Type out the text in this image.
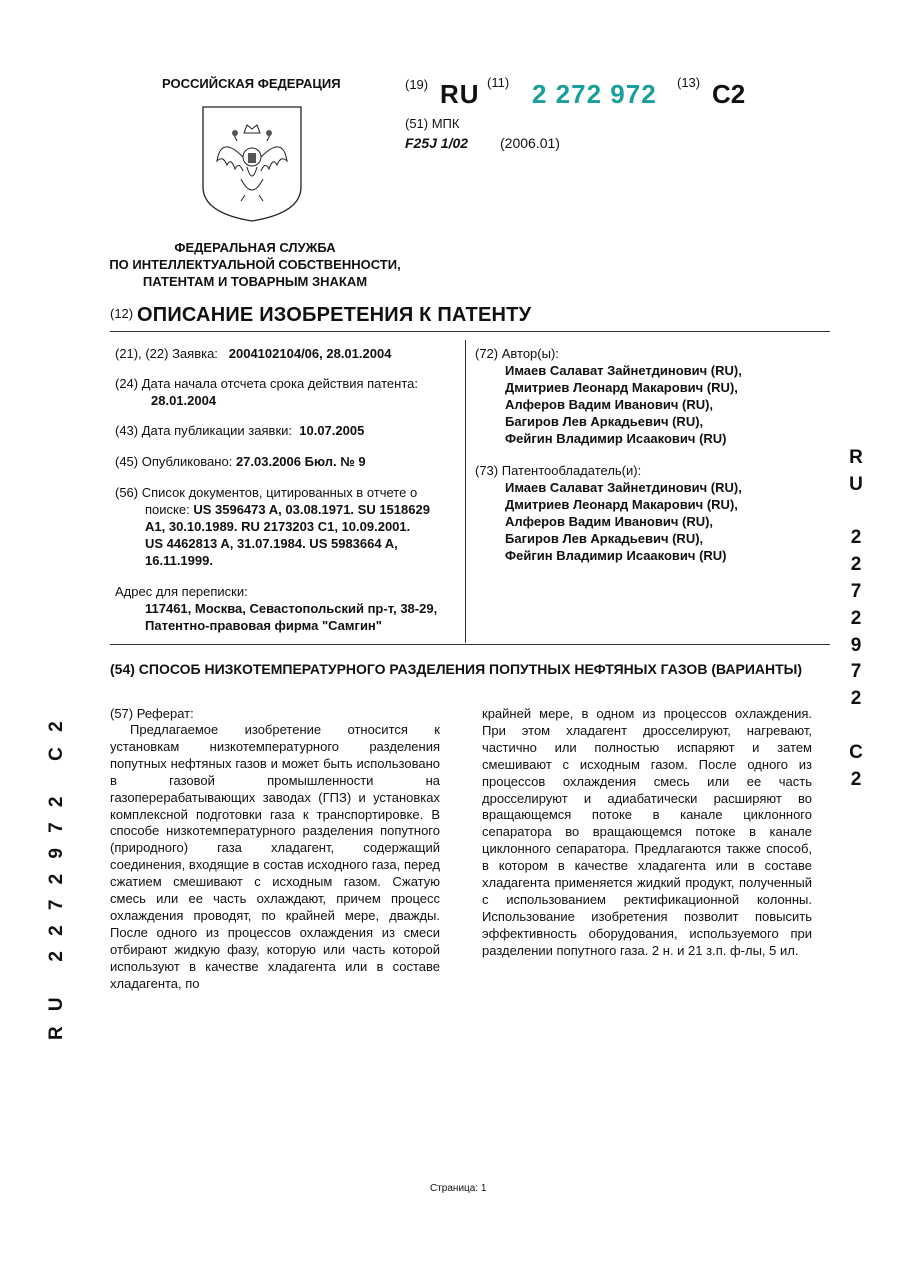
РОССИЙСКАЯ ФЕДЕРАЦИЯ
ФЕДЕРАЛЬНАЯ СЛУЖБА
ПО ИНТЕЛЛЕКТУАЛЬНОЙ СОБСТВЕННОСТИ,
ПАТЕНТАМ И ТОВАРНЫМ ЗНАКАМ
(19) RU (11) 2 272 972 (13) C2
(51) МПК
F25J 1/02 (2006.01)
(12) ОПИСАНИЕ ИЗОБРЕТЕНИЯ К ПАТЕНТУ
(21), (22) Заявка: 2004102104/06, 28.01.2004
(24) Дата начала отсчета срока действия патента:
28.01.2004
(43) Дата публикации заявки: 10.07.2005
(45) Опубликовано: 27.03.2006 Бюл. № 9
(56) Список документов, цитированных в отчете о
поиске: US 3596473 A, 03.08.1971. SU 1518629
A1, 30.10.1989. RU 2173203 C1, 10.09.2001.
US 4462813 A, 31.07.1984. US 5983664 A,
16.11.1999.
Адрес для переписки:
117461, Москва, Севастопольский пр-т, 38-29,
Патентно-правовая фирма "Самгин"
(72) Автор(ы):
Имаев Салават Зайнетдинович (RU),
Дмитриев Леонард Макарович (RU),
Алферов Вадим Иванович (RU),
Багиров Лев Аркадьевич (RU),
Фейгин Владимир Исаакович (RU)
(73) Патентообладатель(и):
Имаев Салават Зайнетдинович (RU),
Дмитриев Леонард Макарович (RU),
Алферов Вадим Иванович (RU),
Багиров Лев Аркадьевич (RU),
Фейгин Владимир Исаакович (RU)
R
U
2
2
7
2
9
7
2
C
2
RU 2272972 C2
(54) СПОСОБ НИЗКОТЕМПЕРАТУРНОГО РАЗДЕЛЕНИЯ ПОПУТНЫХ НЕФТЯНЫХ ГАЗОВ (ВАРИАНТЫ)
(57) Реферат:
Предлагаемое изобретение относится к установкам низкотемпературного разделения попутных нефтяных газов и может быть использовано в газовой промышленности на газоперерабатывающих заводах (ГПЗ) и установках комплексной подготовки газа к транспортировке. В способе низкотемпературного разделения попутного (природного) газа хладагент, содержащий соединения, входящие в состав исходного газа, перед сжатием смешивают с исходным газом. Сжатую смесь или ее часть охлаждают, причем процесс охлаждения проводят, по крайней мере, дважды. После одного из процессов охлаждения из смеси отбирают жидкую фазу, которую или часть которой используют в качестве хладагента или в составе хладагента, по
крайней мере, в одном из процессов охлаждения. При этом хладагент дросселируют, нагревают, частично или полностью испаряют и затем смешивают с исходным газом. После одного из процессов охлаждения смесь или ее часть дросселируют и адиабатически расширяют во вращающемся потоке в канале циклонного сепаратора во вращающемся потоке в канале циклонного сепаратора. Предлагаются также способ, в котором в качестве хладагента или в составе хладагента применяется жидкий продукт, полученный с использованием ректификационной колонны. Использование изобретения позволит повысить эффективность оборудования, используемого при разделении попутного газа. 2 н. и 21 з.п. ф-лы, 5 ил.
Страница: 1
